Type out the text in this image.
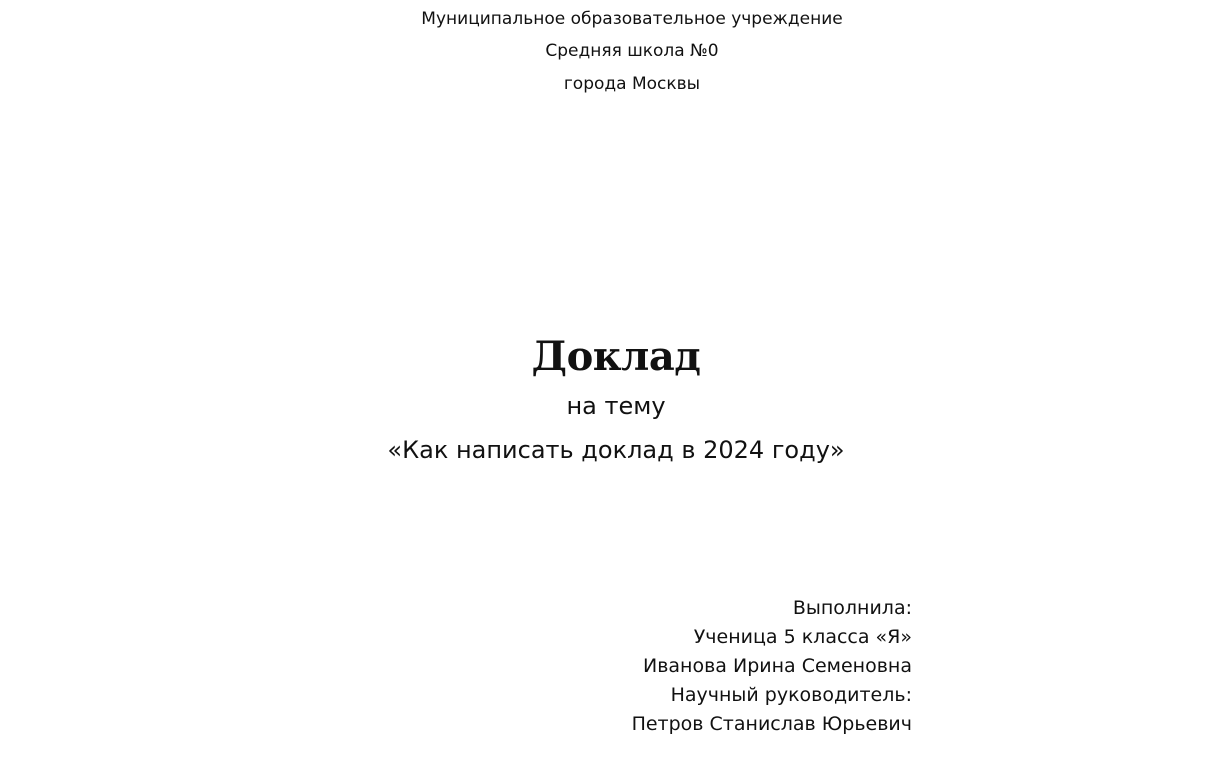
Муниципальное образовательное учреждение
Средняя школа №0
города Москвы
Доклад
на тему
«Как написать доклад в 2024 году»
Выполнила:
Ученица 5 класса «Я»
Иванова Ирина Семеновна
Научный руководитель:
Петров Станислав Юрьевич
